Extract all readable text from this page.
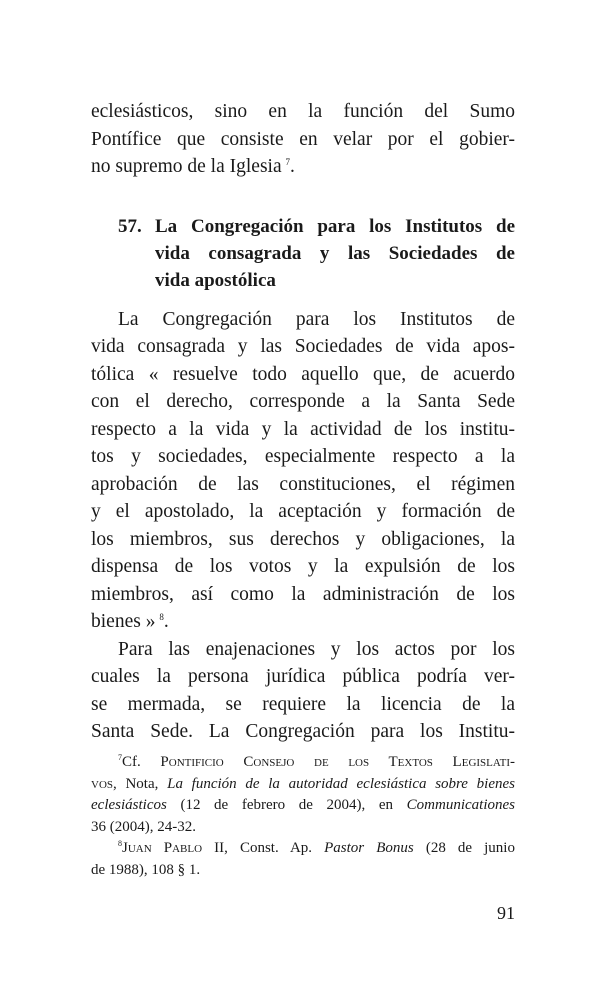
eclesiásticos, sino en la función del Sumo
Pontífice que consiste en velar por el gobier-
no supremo de la Iglesia  $^7$.

57. La Congregación para los Institutos de
vida consagrada y las Sociedades de
vida apostólica

La Congregación para los Institutos de
vida consagrada y las Sociedades de vida apos-
tólica « resuelve todo aquello que, de acuerdo
con el derecho, corresponde a la Santa Sede
respecto a la vida y la actividad de los institu-
tos y sociedades, especialmente respecto a la
aprobación de las constituciones, el régimen
y el apostolado, la aceptación y formación de
los miembros, sus derechos y obligaciones, la
dispensa de los votos y la expulsión de los
miembros, así como la administración de los
bienes »  $^8$.

Para las enajenaciones y los actos por los
cuales la persona jurídica pública podría ver-
se mermada, se requiere la licencia de la
Santa Sede. La Congregación para los Institu-

$^7$Cf. Pontificio Consejo de los Textos Legislati-
vos, Nota, La función de la autoridad eclesiástica sobre bienes
eclesiásticos (12 de febrero de 2004), en Communicationes
36 (2004), 24-32.
$^8$Juan Pablo II, Const. Ap. Pastor Bonus (28 de junio
de 1988), 108 § 1.
91
